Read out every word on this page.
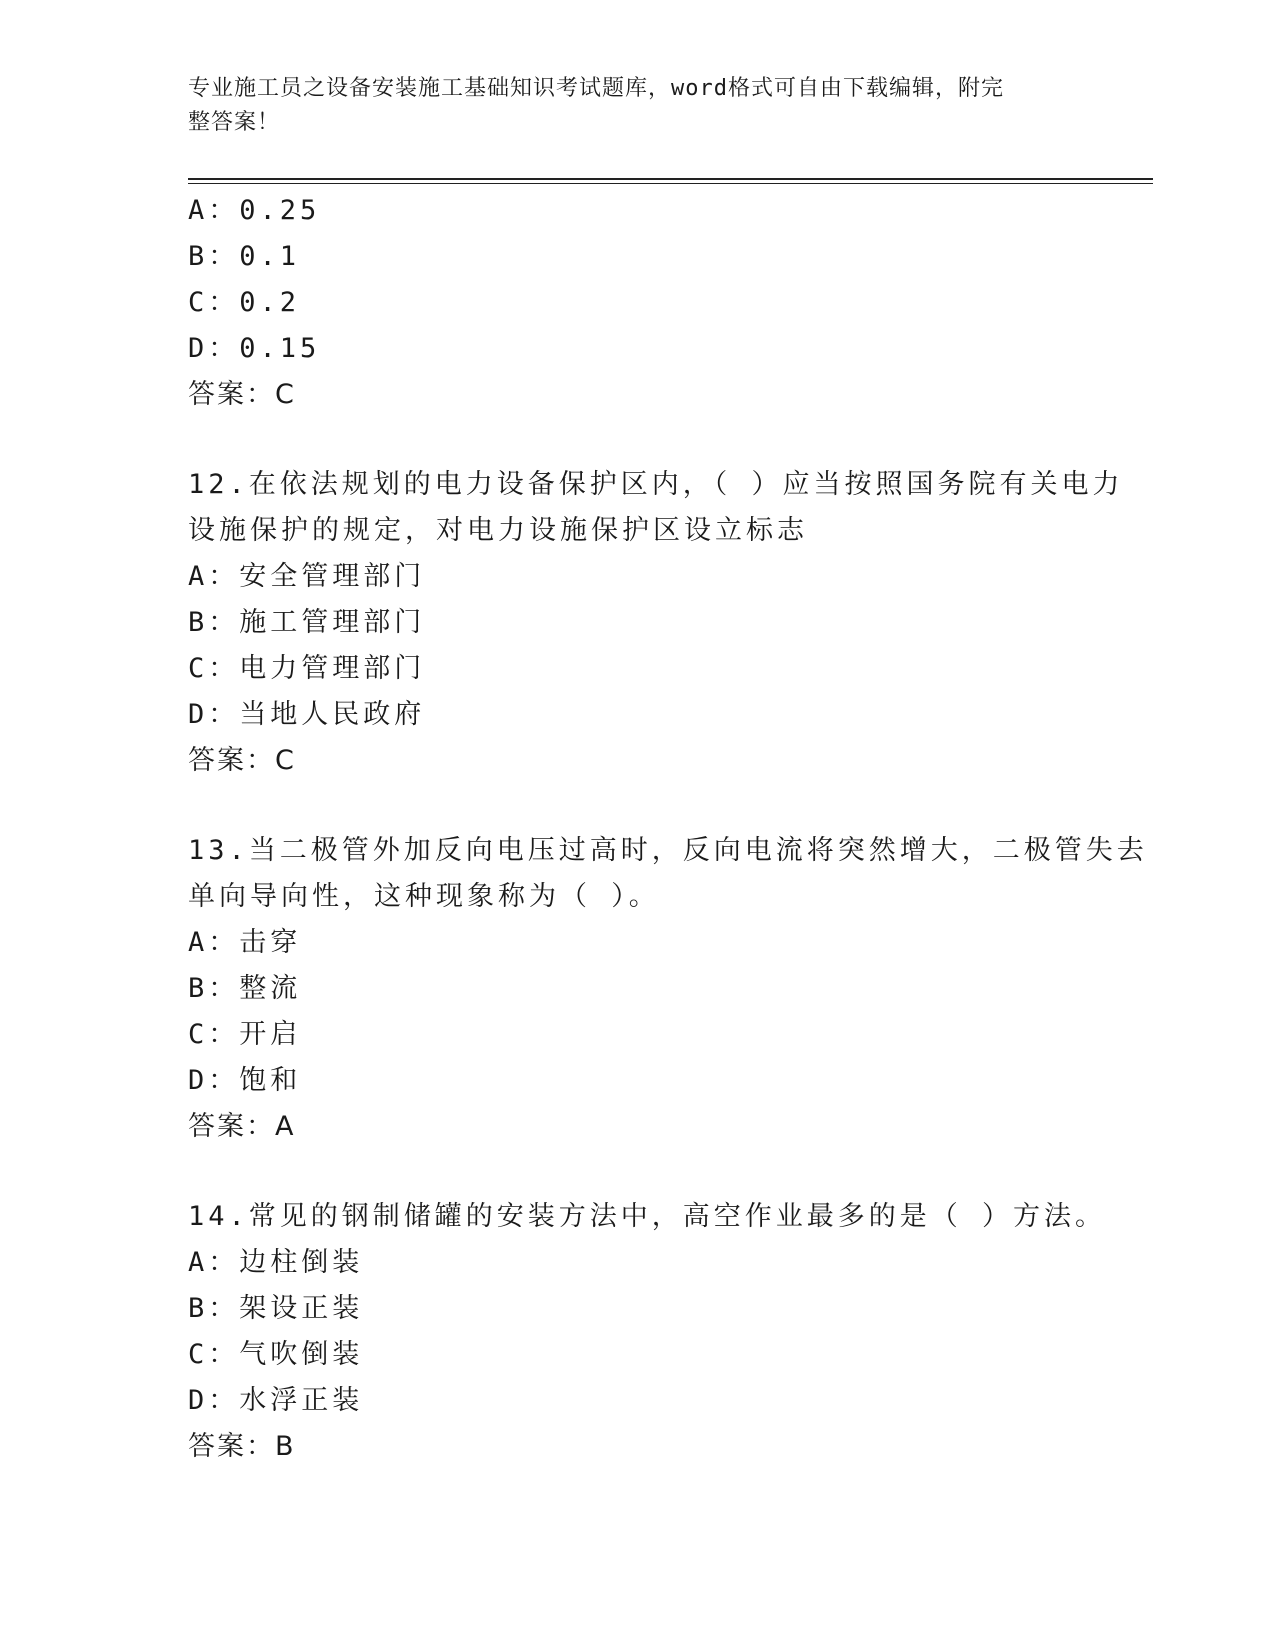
专业施工员之设备安装施工基础知识考试题库，word格式可自由下载编辑，附完
整答案！
A：0.25
B：0.1
C：0.2
D：0.15
答案：C
12.在依法规划的电力设备保护区内，（ ）应当按照国务院有关电力
设施保护的规定，对电力设施保护区设立标志
A：安全管理部门
B：施工管理部门
C：电力管理部门
D：当地人民政府
答案：C
13.当二极管外加反向电压过高时，反向电流将突然增大，二极管失去
单向导向性，这种现象称为（ ）。
A：击穿
B：整流
C：开启
D：饱和
答案：A
14.常见的钢制储罐的安装方法中，高空作业最多的是（ ）方法。
A：边柱倒装
B：架设正装
C：气吹倒装
D：水浮正装
答案：B
